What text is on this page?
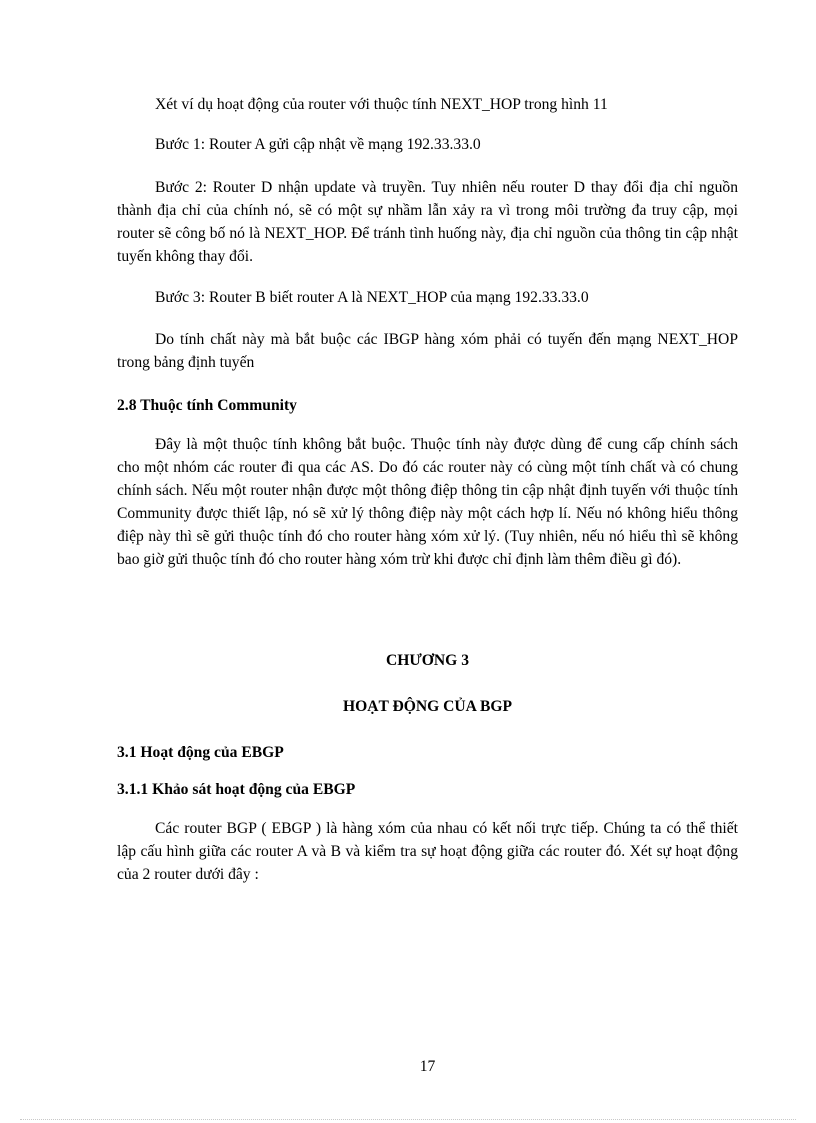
Xét ví dụ hoạt động của router với thuộc tính NEXT_HOP trong hình 11

Bước 1: Router A gửi cập nhật về mạng 192.33.33.0

Bước 2: Router D nhận update và truyền. Tuy nhiên nếu router D thay đổi địa chỉ nguồn thành địa chỉ của chính nó, sẽ có một sự nhầm lẫn xảy ra vì trong môi trường đa truy cập, mọi router sẽ công bố nó là NEXT_HOP. Để tránh tình huống này, địa chỉ nguồn của thông tin cập nhật tuyến không thay đổi.

Bước 3: Router B biết router A là NEXT_HOP của mạng 192.33.33.0

Do tính chất này mà bắt buộc các IBGP hàng xóm phải có tuyến đến mạng NEXT_HOP trong bảng định tuyến

2.8 Thuộc tính Community

Đây là một thuộc tính không bắt buộc. Thuộc tính này được dùng để cung cấp chính sách cho một nhóm các router đi qua các AS. Do đó các router này có cùng một tính chất và có chung chính sách. Nếu một router nhận được một thông điệp thông tin cập nhật định tuyến với thuộc tính Community được thiết lập, nó sẽ xử lý thông điệp này một cách hợp lí. Nếu nó không hiểu thông điệp này thì sẽ gửi thuộc tính đó cho router hàng xóm xử lý. (Tuy nhiên, nếu nó hiểu thì sẽ không bao giờ gửi thuộc tính đó cho router hàng xóm trừ khi được chỉ định làm thêm điều gì đó).

CHƯƠNG 3
HOẠT ĐỘNG CỦA BGP
3.1 Hoạt động của EBGP
3.1.1 Khảo sát hoạt động của EBGP

Các router BGP ( EBGP ) là hàng xóm của nhau có kết nối trực tiếp. Chúng ta có thể thiết lập cấu hình giữa các router A và B và kiểm tra sự hoạt động giữa các router đó. Xét sự hoạt động của 2 router dưới đây :

17
